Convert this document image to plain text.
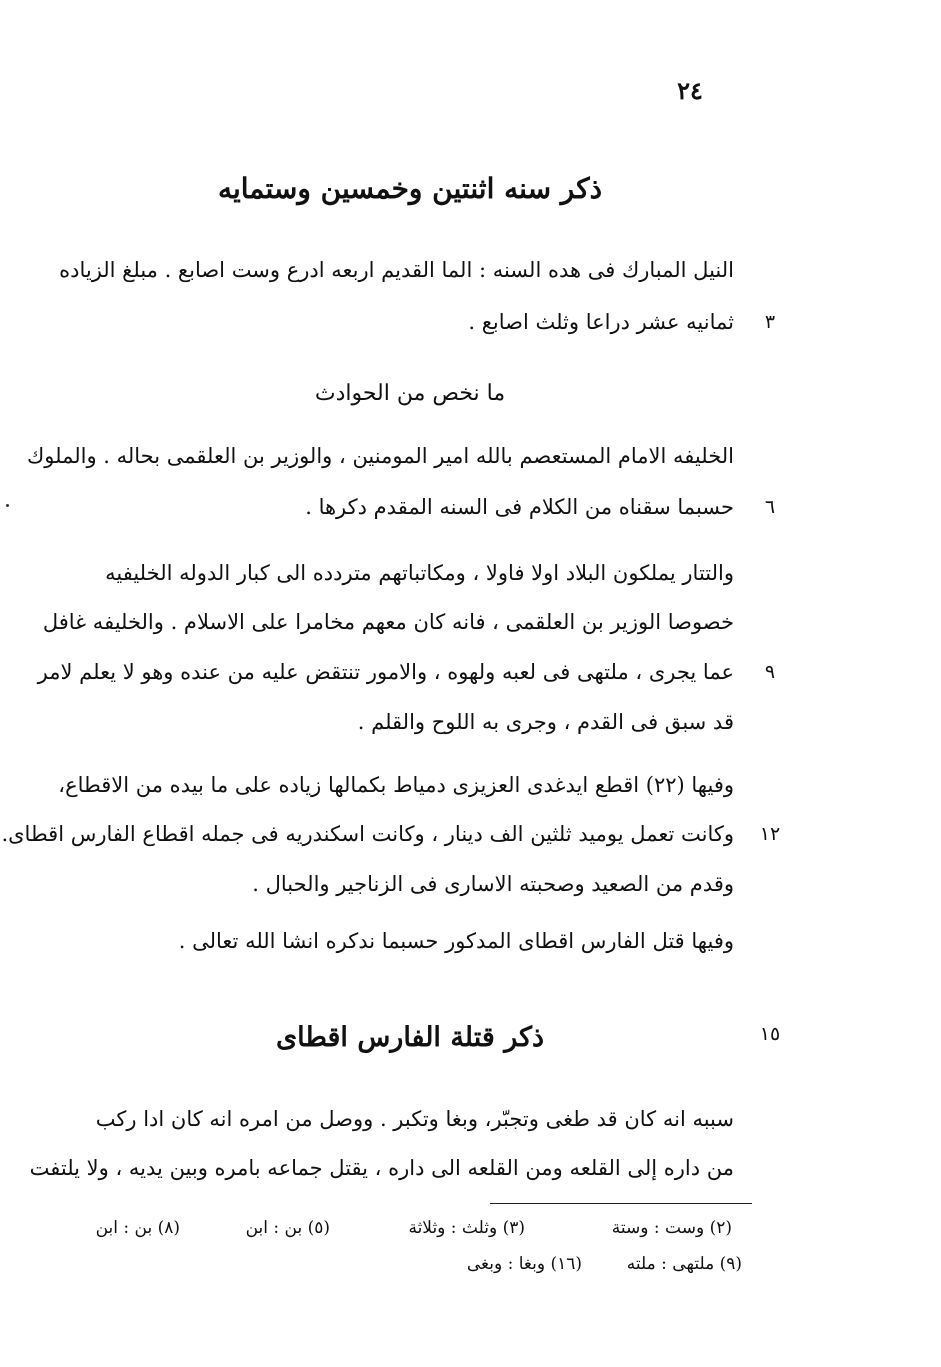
٢٤
ذكر سنه اثنتين وخمسين وستمايه
النيل المبارك فى هده السنه : الما القديم اربعه ادرع وست اصابع . مبلغ الزياده
ثمانيه عشر دراعا وثلث اصابع .	٣
ما نخص من الحوادث
الخليفه الامام المستعصم بالله امير المومنين ، والوزير بن العلقمى بحاله . والملوك
حسبما سقناه من الكلام فى السنه المقدم دكرها .	٦
والتتار يملكون البلاد اولا فاولا ، ومكاتباتهم متردده الى كبار الدوله الخليفيه
خصوصا الوزير بن العلقمى ، فانه كان معهم مخامرا على الاسلام . والخليفه غافل
عما يجرى ، ملتهى فى لعبه ولهوه ، والامور تنتقض عليه من عنده وهو لا يعلم لامر	٩
قد سبق فى القدم ، وجرى به اللوح والقلم .
وفيها (٢٢) اقطع ايدغدى العزيزى دمياط بكمالها زياده على ما بيده من الاقطاع،
وكانت تعمل يوميد ثلثين الف دينار ، وكانت اسكندريه فى جمله اقطاع الفارس اقطاى.	١٢
وقدم من الصعيد وصحبته الاسارى فى الزناجير والحبال .
وفيها قتل الفارس اقطاى المدكور حسبما ندكره انشا الله تعالى .
ذكر قتلة الفارس اقطاى	١٥
سببه انه كان قد طغى وتجبّر، وبغا وتكبر . ووصل من امره انه كان ادا ركب
من داره إلى القلعه ومن القلعه الى داره ، يقتل جماعه بامره وبين يديه ، ولا يلتفت
(٢) وست : وستة
(٣) وثلث : وثلاثة
(٥) بن : ابن
(٨) بن : ابن
(٩) ملتهى : ملته
(١٦) وبغا : وبغى
